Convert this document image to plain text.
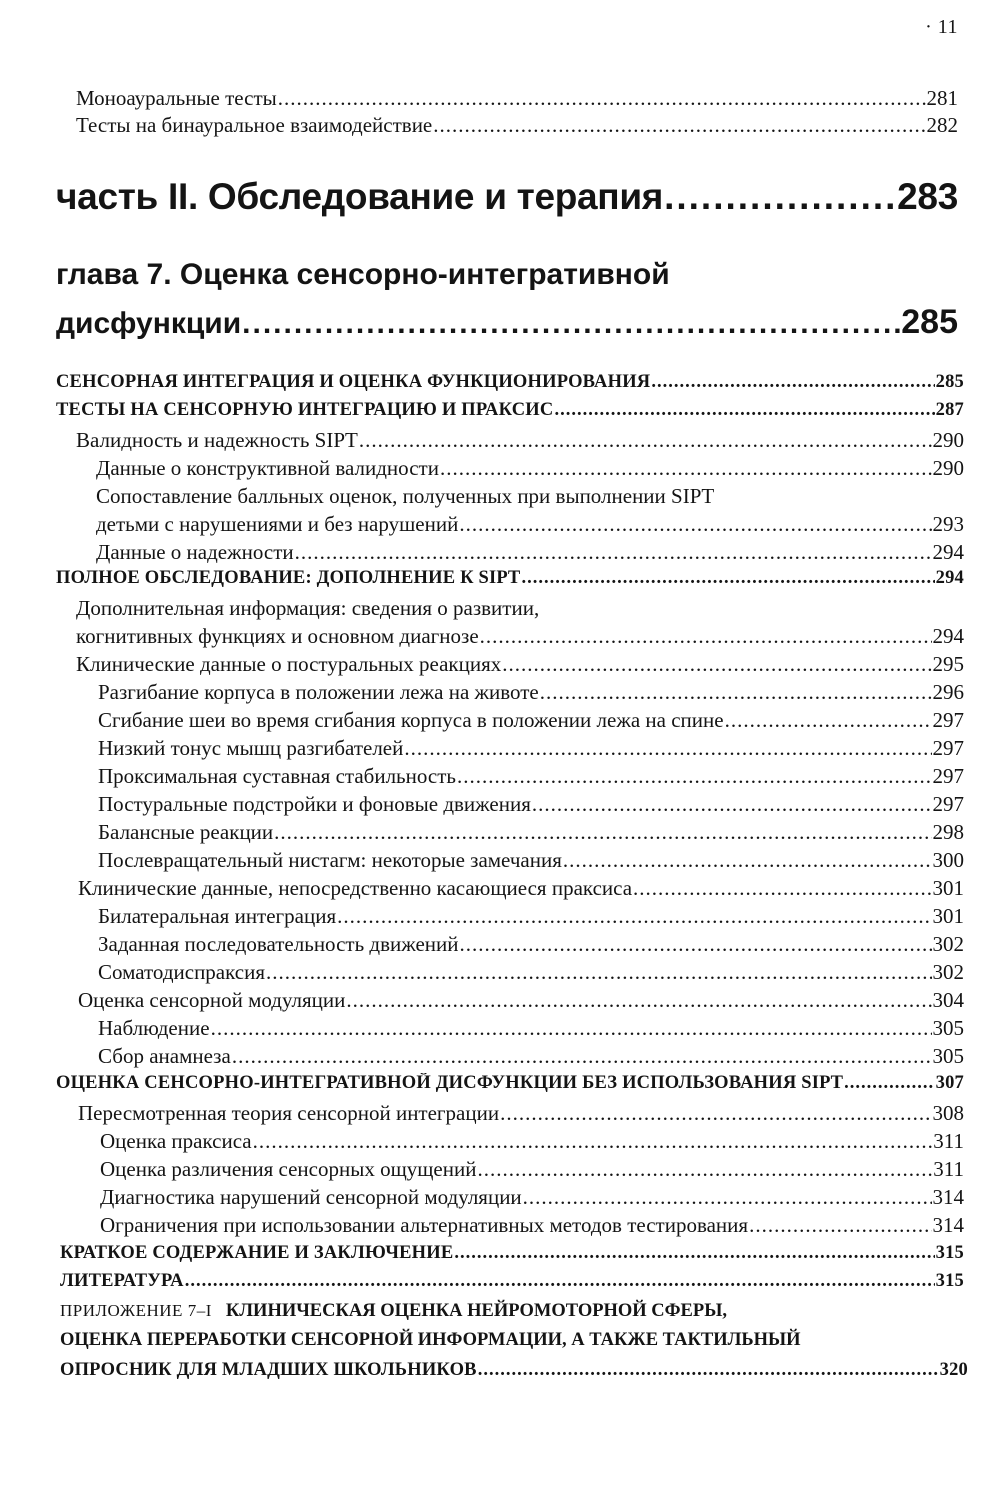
· 11
Моноауральные тесты .....	281
Тесты на бинауральное взаимодействие .....	282
часть II. Обследование и терапия .....	283
глава 7. Оценка сенсорно-интегративной
дисфункции .....	285
СЕНСОРНАЯ ИНТЕГРАЦИЯ И ОЦЕНКА ФУНКЦИОНИРОВАНИЯ .....	285
ТЕСТЫ НА СЕНСОРНУЮ ИНТЕГРАЦИЮ И ПРАКСИС .....	287
Валидность и надежность SIPT .....	290
Данные о конструктивной валидности .....	290
Сопоставление балльных оценок, полученных при выполнении SIPT
детьми с нарушениями и без нарушений .....	293
Данные о надежности .....	294
ПОЛНОЕ ОБСЛЕДОВАНИЕ: ДОПОЛНЕНИЕ К SIPT .....	294
Дополнительная информация: сведения о развитии,
когнитивных функциях и основном диагнозе .....	294
Клинические данные о постуральных реакциях .....	295
Разгибание корпуса в положении лежа на животе .....	296
Сгибание шеи во время сгибания корпуса в положении лежа на спине .....	297
Низкий тонус мышц разгибателей .....	297
Проксимальная суставная стабильность .....	297
Постуральные подстройки и фоновые движения .....	297
Балансные реакции .....	298
Послевращательный нистагм: некоторые замечания .....	300
Клинические данные, непосредственно касающиеся праксиса .....	301
Билатеральная интеграция .....	301
Заданная последовательность движений .....	302
Соматодиспраксия .....	302
Оценка сенсорной модуляции .....	304
Наблюдение .....	305
Сбор анамнеза .....	305
ОЦЕНКА СЕНСОРНО-ИНТЕГРАТИВНОЙ ДИСФУНКЦИИ БЕЗ ИСПОЛЬЗОВАНИЯ SIPT .....	307
Пересмотренная теория сенсорной интеграции .....	308
Оценка праксиса .....	311
Оценка различения сенсорных ощущений .....	311
Диагностика нарушений сенсорной модуляции .....	314
Ограничения при использовании альтернативных методов тестирования .....	314
КРАТКОЕ СОДЕРЖАНИЕ И ЗАКЛЮЧЕНИЕ .....	315
ЛИТЕРАТУРА .....	315
ПРИЛОЖЕНИЕ 7–I КЛИНИЧЕСКАЯ ОЦЕНКА НЕЙРОМОТОРНОЙ СФЕРЫ,
ОЦЕНКА ПЕРЕРАБОТКИ СЕНСОРНОЙ ИНФОРМАЦИИ, А ТАКЖЕ ТАКТИЛЬНЫЙ
ОПРОСНИК ДЛЯ МЛАДШИХ ШКОЛЬНИКОВ .....	320
